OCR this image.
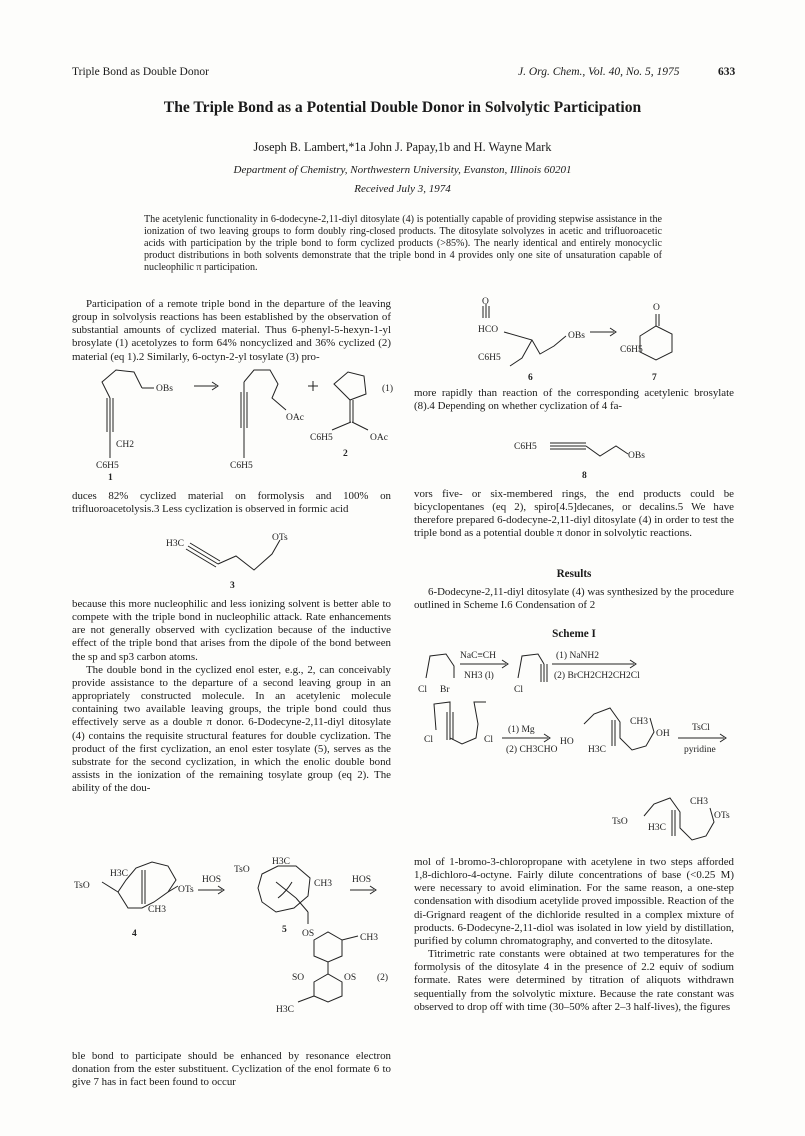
Triple Bond as Double Donor	J. Org. Chem., Vol. 40, No. 5, 1975	633
The Triple Bond as a Potential Double Donor in Solvolytic Participation
Joseph B. Lambert,*1a John J. Papay,1b and H. Wayne Mark
Department of Chemistry, Northwestern University, Evanston, Illinois 60201
Received July 3, 1974
The acetylenic functionality in 6-dodecyne-2,11-diyl ditosylate (4) is potentially capable of providing stepwise assistance in the ionization of two leaving groups to form doubly ring-closed products. The ditosylate solvolyzes in acetic and trifluoroacetic acids with participation by the triple bond to form cyclized products (>85%). The nearly identical and entirely monocyclic product distributions in both solvents demonstrate that the triple bond in 4 provides only one site of unsaturation capable of nucleophilic π participation.

Participation of a remote triple bond in the departure of the leaving group in solvolysis reactions has been established by the observation of substantial amounts of cyclized material. Thus 6-phenyl-5-hexyn-1-yl brosylate (1) acetolyzes to form 64% noncyclized and 36% cyclized (2) material (eq 1).2 Similarly, 6-octyn-2-yl tosylate (3) pro-

OBs
CH2
C6H5
1
OAc
C6H5
C6H5	OAc
2
(1)

duces 82% cyclized material on formolysis and 100% on trifluoroacetolysis.3 Less cyclization is observed in formic acid

H3C
OTs
3

because this more nucleophilic and less ionizing solvent is better able to compete with the triple bond in nucleophilic attack. Rate enhancements are not generally observed with cyclization because of the inductive effect of the triple bond that arises from the dipole of the bond between the sp and sp3 carbon atoms.

The double bond in the cyclized enol ester, e.g., 2, can conceivably provide assistance to the departure of a second leaving group in an appropriately constructed molecule. In an acetylenic molecule containing two available leaving groups, the triple bond could thus effectively serve as a double π donor. 6-Dodecyne-2,11-diyl ditosylate (4) contains the requisite structural features for double cyclization. The product of the first cyclization, an enol ester tosylate (5), serves as the substrate for the second cyclization, in which the enolic double bond assists in the ionization of the remaining tosylate group (eq 2). The ability of the dou-

TsO
H3C
CH3
OTs
4
HOS
TsO
H3C
CH3
OS
5
HOS
CH3
SO	OS (2)
H3C

ble bond to participate should be enhanced by resonance electron donation from the ester substituent. Cyclization of the enol formate 6 to give 7 has in fact been found to occur

O
HCO
OBs
C6H5
6
O
C6H5
7

more rapidly than reaction of the corresponding acetylenic brosylate (8).4 Depending on whether cyclization of 4 fa-

C6H5
OBs
8

vors five- or six-membered rings, the end products could be bicyclopentanes (eq 2), spiro[4.5]decanes, or decalins.5 We have therefore prepared 6-dodecyne-2,11-diyl ditosylate (4) in order to test the triple bond as a potential double π donor in solvolytic reactions.

Results

6-Dodecyne-2,11-diyl ditosylate (4) was synthesized by the procedure outlined in Scheme I.6 Condensation of 2

Scheme I
Cl Br
NaC≡CH
NH3 (l)
Cl
(1) NaNH2
(2) BrCH2CH2CH2Cl
Cl	Cl
(1) Mg
(2) CH3CHO
HO
H3C
CH3
OH
TsCl
pyridine
TsO
H3C
CH3
OTs

mol of 1-bromo-3-chloropropane with acetylene in two steps afforded 1,8-dichloro-4-octyne. Fairly dilute concentrations of base (<0.25 M) were necessary to avoid elimination. For the same reason, a one-step condensation with disodium acetylide proved impossible. Reaction of the di-Grignard reagent of the dichloride resulted in a complex mixture of products. 6-Dodecyne-2,11-diol was isolated in low yield by distillation, purified by column chromatography, and converted to the ditosylate.

Titrimetric rate constants were obtained at two temperatures for the formolysis of the ditosylate 4 in the presence of 2.2 equiv of sodium formate. Rates were determined by titration of aliquots withdrawn sequentially from the solvolytic mixture. Because the rate constant was observed to drop off with time (30–50% after 2–3 half-lives), the figures
